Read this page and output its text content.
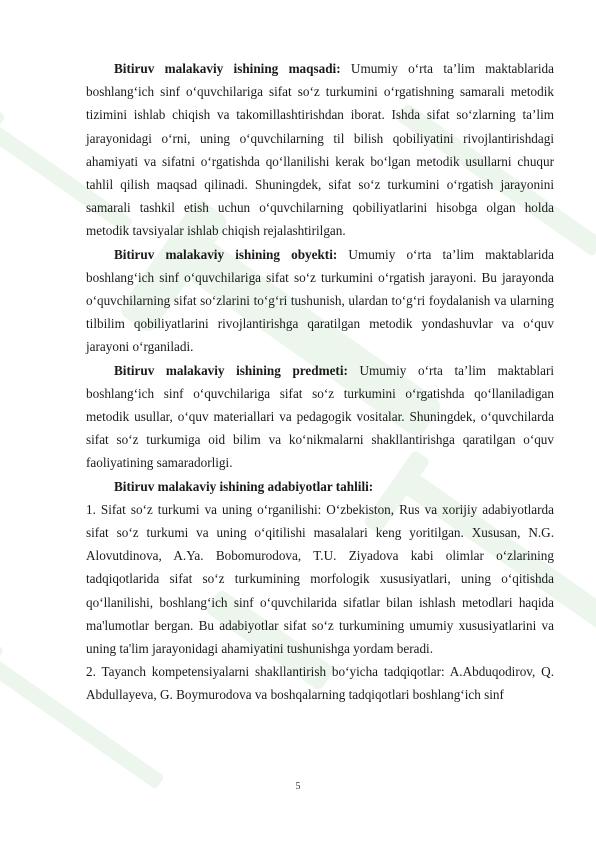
Bitiruv malakaviy ishining maqsadi: Umumiy o‘rta ta’lim maktablarida boshlang‘ich sinf o‘quvchilariga sifat so‘z turkumini o‘rgatishning samarali metodik tizimini ishlab chiqish va takomillashtirishdan iborat. Ishda sifat so‘zlarning ta’lim jarayonidagi o‘rni, uning o‘quvchilarning til bilish qobiliyatini rivojlantirishdagi ahamiyati va sifatni o‘rgatishda qo‘llanilishi kerak bo‘lgan metodik usullarni chuqur tahlil qilish maqsad qilinadi. Shuningdek, sifat so‘z turkumini o‘rgatish jarayonini samarali tashkil etish uchun o‘quvchilarning qobiliyatlarini hisobga olgan holda metodik tavsiyalar ishlab chiqish rejalashtirilgan.

Bitiruv malakaviy ishining obyekti: Umumiy o‘rta ta’lim maktablarida boshlang‘ich sinf o‘quvchilariga sifat so‘z turkumini o‘rgatish jarayoni. Bu jarayonda o‘quvchilarning sifat so‘zlarini to‘g‘ri tushunish, ulardan to‘g‘ri foydalanish va ularning tilbilim qobiliyatlarini rivojlantirishga qaratilgan metodik yondashuvlar va o‘quv jarayoni o‘rganiladi.

Bitiruv malakaviy ishining predmeti: Umumiy o‘rta ta’lim maktablari boshlang‘ich sinf o‘quvchilariga sifat so‘z turkumini o‘rgatishda qo‘llaniladigan metodik usullar, o‘quv materiallari va pedagogik vositalar. Shuningdek, o‘quvchilarda sifat so‘z turkumiga oid bilim va ko‘nikmalarni shakllantirishga qaratilgan o‘quv faoliyatining samaradorligi.

Bitiruv malakaviy ishining adabiyotlar tahlili:

1. Sifat so‘z turkumi va uning o‘rganilishi: O‘zbekiston, Rus va xorijiy adabiyotlarda sifat so‘z turkumi va uning o‘qitilishi masalalari keng yoritilgan. Xususan, N.G. Alovutdinova, A.Ya. Bobomurodova, T.U. Ziyadova kabi olimlar o‘zlarining tadqiqotlarida sifat so‘z turkumining morfologik xususiyatlari, uning o‘qitishda qo‘llanilishi, boshlang‘ich sinf o‘quvchilarida sifatlar bilan ishlash metodlari haqida ma'lumotlar bergan. Bu adabiyotlar sifat so‘z turkumining umumiy xususiyatlarini va uning ta'lim jarayonidagi ahamiyatini tushunishga yordam beradi.

2. Tayanch kompetensiyalarni shakllantirish bo‘yicha tadqiqotlar: A.Abduqodirov, Q. Abdullayeva, G. Boymurodova va boshqalarning tadqiqotlari boshlang‘ich sinf

5
